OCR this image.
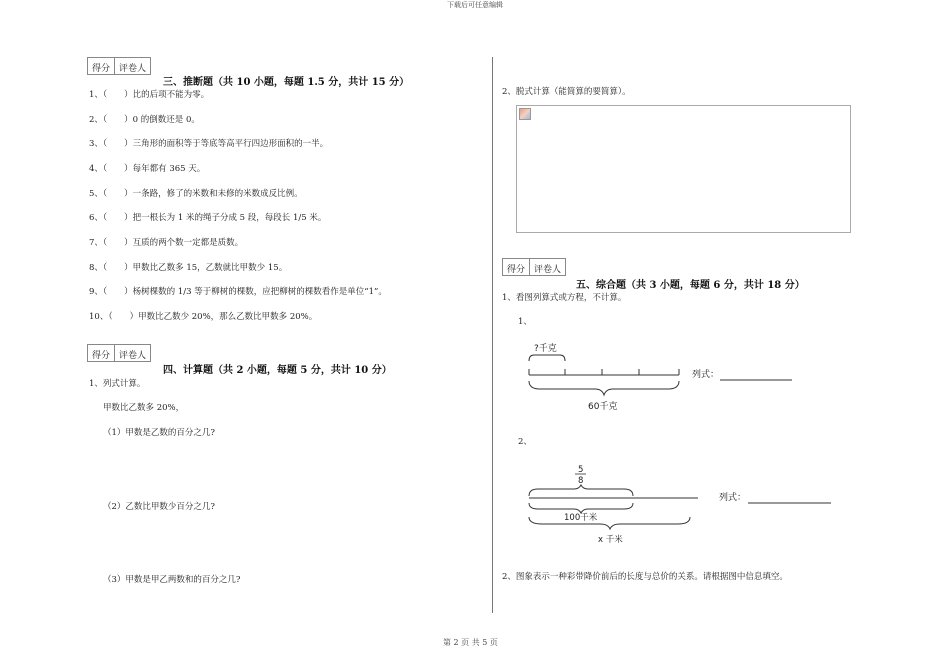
下载后可任意编辑
第 2 页 共 5 页
得分	评卷人
三、推断题（共 10 小题，每题 1.5 分，共计 15 分）
1、（　　）比的后项不能为零。
2、（　　）0 的倒数还是 0。
3、（　　）三角形的面积等于等底等高平行四边形面积的一半。
4、（　　）每年都有 365 天。
5、（　　）一条路，修了的米数和未修的米数成反比例。
6、（　　）把一根长为 1 米的绳子分成 5 段，每段长 1/5 米。
7、（　　）互质的两个数一定都是质数。
8、（　　）甲数比乙数多 15，乙数就比甲数少 15。
9、（　　）杨树棵数的 1/3 等于柳树的棵数，应把柳树的棵数看作是单位“1”。
10、（　　）甲数比乙数少 20%，那么乙数比甲数多 20%。
得分	评卷人
四、计算题（共 2 小题，每题 5 分，共计 10 分）
1、列式计算。
甲数比乙数多 20%，
（1）甲数是乙数的百分之几?
（2）乙数比甲数少百分之几?
（3）甲数是甲乙两数和的百分之几?
2、脱式计算（能简算的要简算）。
得分	评卷人
五、综合题（共 3 小题，每题 6 分，共计 18 分）
1、看图列算式或方程，不计算。
1、
?千克
60千克
列式：
2、
5
8
100千米
x 千米
列式：
2、图象表示一种彩带降价前后的长度与总价的关系。请根据图中信息填空。
